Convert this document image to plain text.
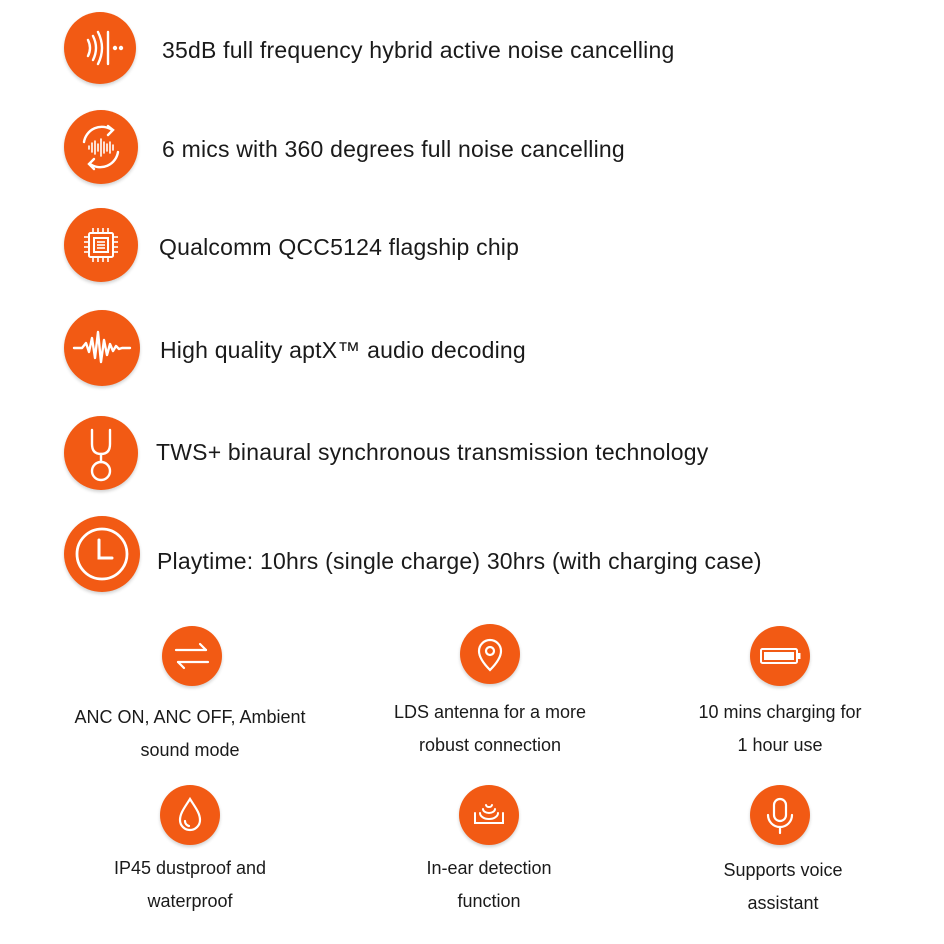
35dB full frequency hybrid active noise cancelling
6 mics with 360 degrees full noise cancelling
Qualcomm QCC5124 flagship chip
High quality aptX™ audio decoding
TWS+ binaural synchronous transmission technology
Playtime: 10hrs (single charge) 30hrs (with charging case)
ANC ON, ANC OFF, Ambient
sound mode
LDS antenna for a more
robust connection
10 mins charging for
1 hour use
IP45 dustproof and
waterproof
In-ear detection
function
Supports voice
assistant
